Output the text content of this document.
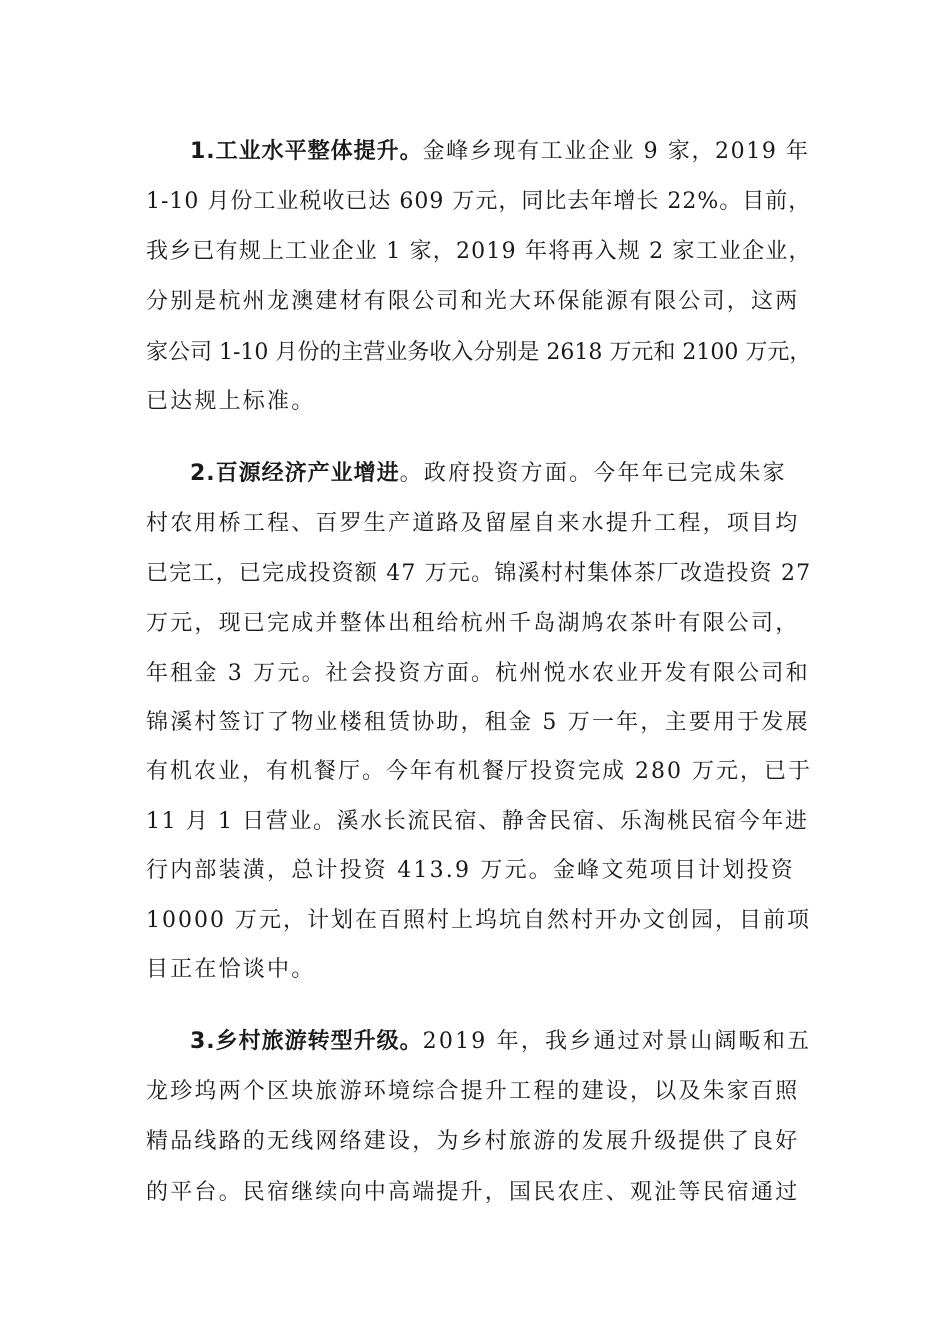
1.工业水平整体提升。金峰乡现有工业企业 9 家，2019 年
1-10 月份工业税收已达 609 万元，同比去年增长 22%。目前，
我乡已有规上工业企业 1 家，2019 年将再入规 2 家工业企业，
分别是杭州龙澳建材有限公司和光大环保能源有限公司，这两
家公司 1-10 月份的主营业务收入分别是 2618 万元和 2100 万元，
已达规上标准。
2.百源经济产业增进。政府投资方面。今年年已完成朱家
村农用桥工程、百罗生产道路及留屋自来水提升工程，项目均
已完工，已完成投资额 47 万元。锦溪村村集体茶厂改造投资 27
万元，现已完成并整体出租给杭州千岛湖鸠农茶叶有限公司，
年租金 3 万元。社会投资方面。杭州悦水农业开发有限公司和
锦溪村签订了物业楼租赁协助，租金 5 万一年，主要用于发展
有机农业，有机餐厅。今年有机餐厅投资完成 280 万元，已于
11 月 1 日营业。溪水长流民宿、静舍民宿、乐淘桃民宿今年进
行内部装潢，总计投资 413.9 万元。金峰文苑项目计划投资
10000 万元，计划在百照村上坞坑自然村开办文创园，目前项
目正在恰谈中。
3.乡村旅游转型升级。2019 年，我乡通过对景山阔畈和五
龙珍坞两个区块旅游环境综合提升工程的建设，以及朱家百照
精品线路的无线网络建设，为乡村旅游的发展升级提供了良好
的平台。民宿继续向中高端提升，国民农庄、观沚等民宿通过
